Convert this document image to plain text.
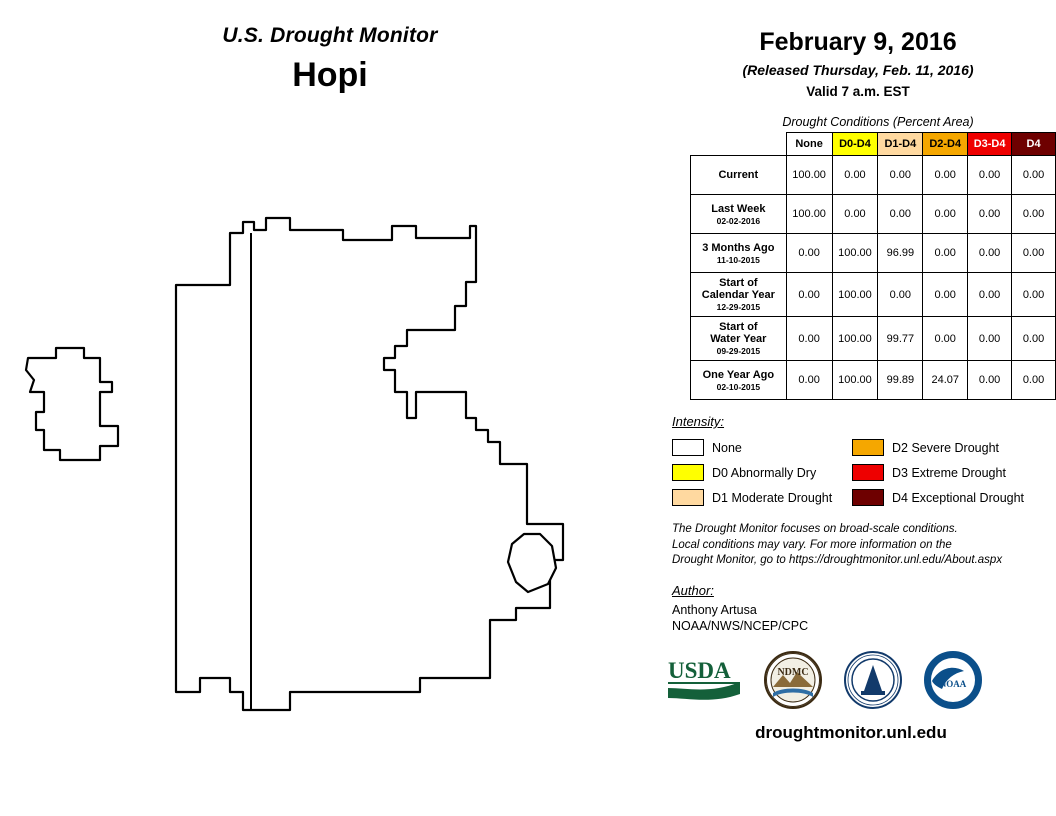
U.S. Drought Monitor
Hopi
February 9, 2016
(Released Thursday, Feb. 11, 2016)
Valid 7 a.m. EST
Drought Conditions (Percent Area)
	None	D0-D4	D1-D4	D2-D4	D3-D4	D4
Current	100.00	0.00	0.00	0.00	0.00	0.00
Last Week
02-02-2016	100.00	0.00	0.00	0.00	0.00	0.00
3 Months Ago
11-10-2015	0.00	100.00	96.99	0.00	0.00	0.00
Start of
Calendar Year
12-29-2015	0.00	100.00	0.00	0.00	0.00	0.00
Start of
Water Year
09-29-2015	0.00	100.00	99.77	0.00	0.00	0.00
One Year Ago
02-10-2015	0.00	100.00	99.89	24.07	0.00	0.00
Intensity:
None
D0 Abnormally Dry
D1 Moderate Drought
D2 Severe Drought
D3 Extreme Drought
D4 Exceptional Drought
The Drought Monitor focuses on broad-scale conditions.
Local conditions may vary. For more information on the
Drought Monitor, go to https://droughtmonitor.unl.edu/About.aspx
Author:
Anthony Artusa
NOAA/NWS/NCEP/CPC
USDA	NDMC
NOAA
droughtmonitor.unl.edu
